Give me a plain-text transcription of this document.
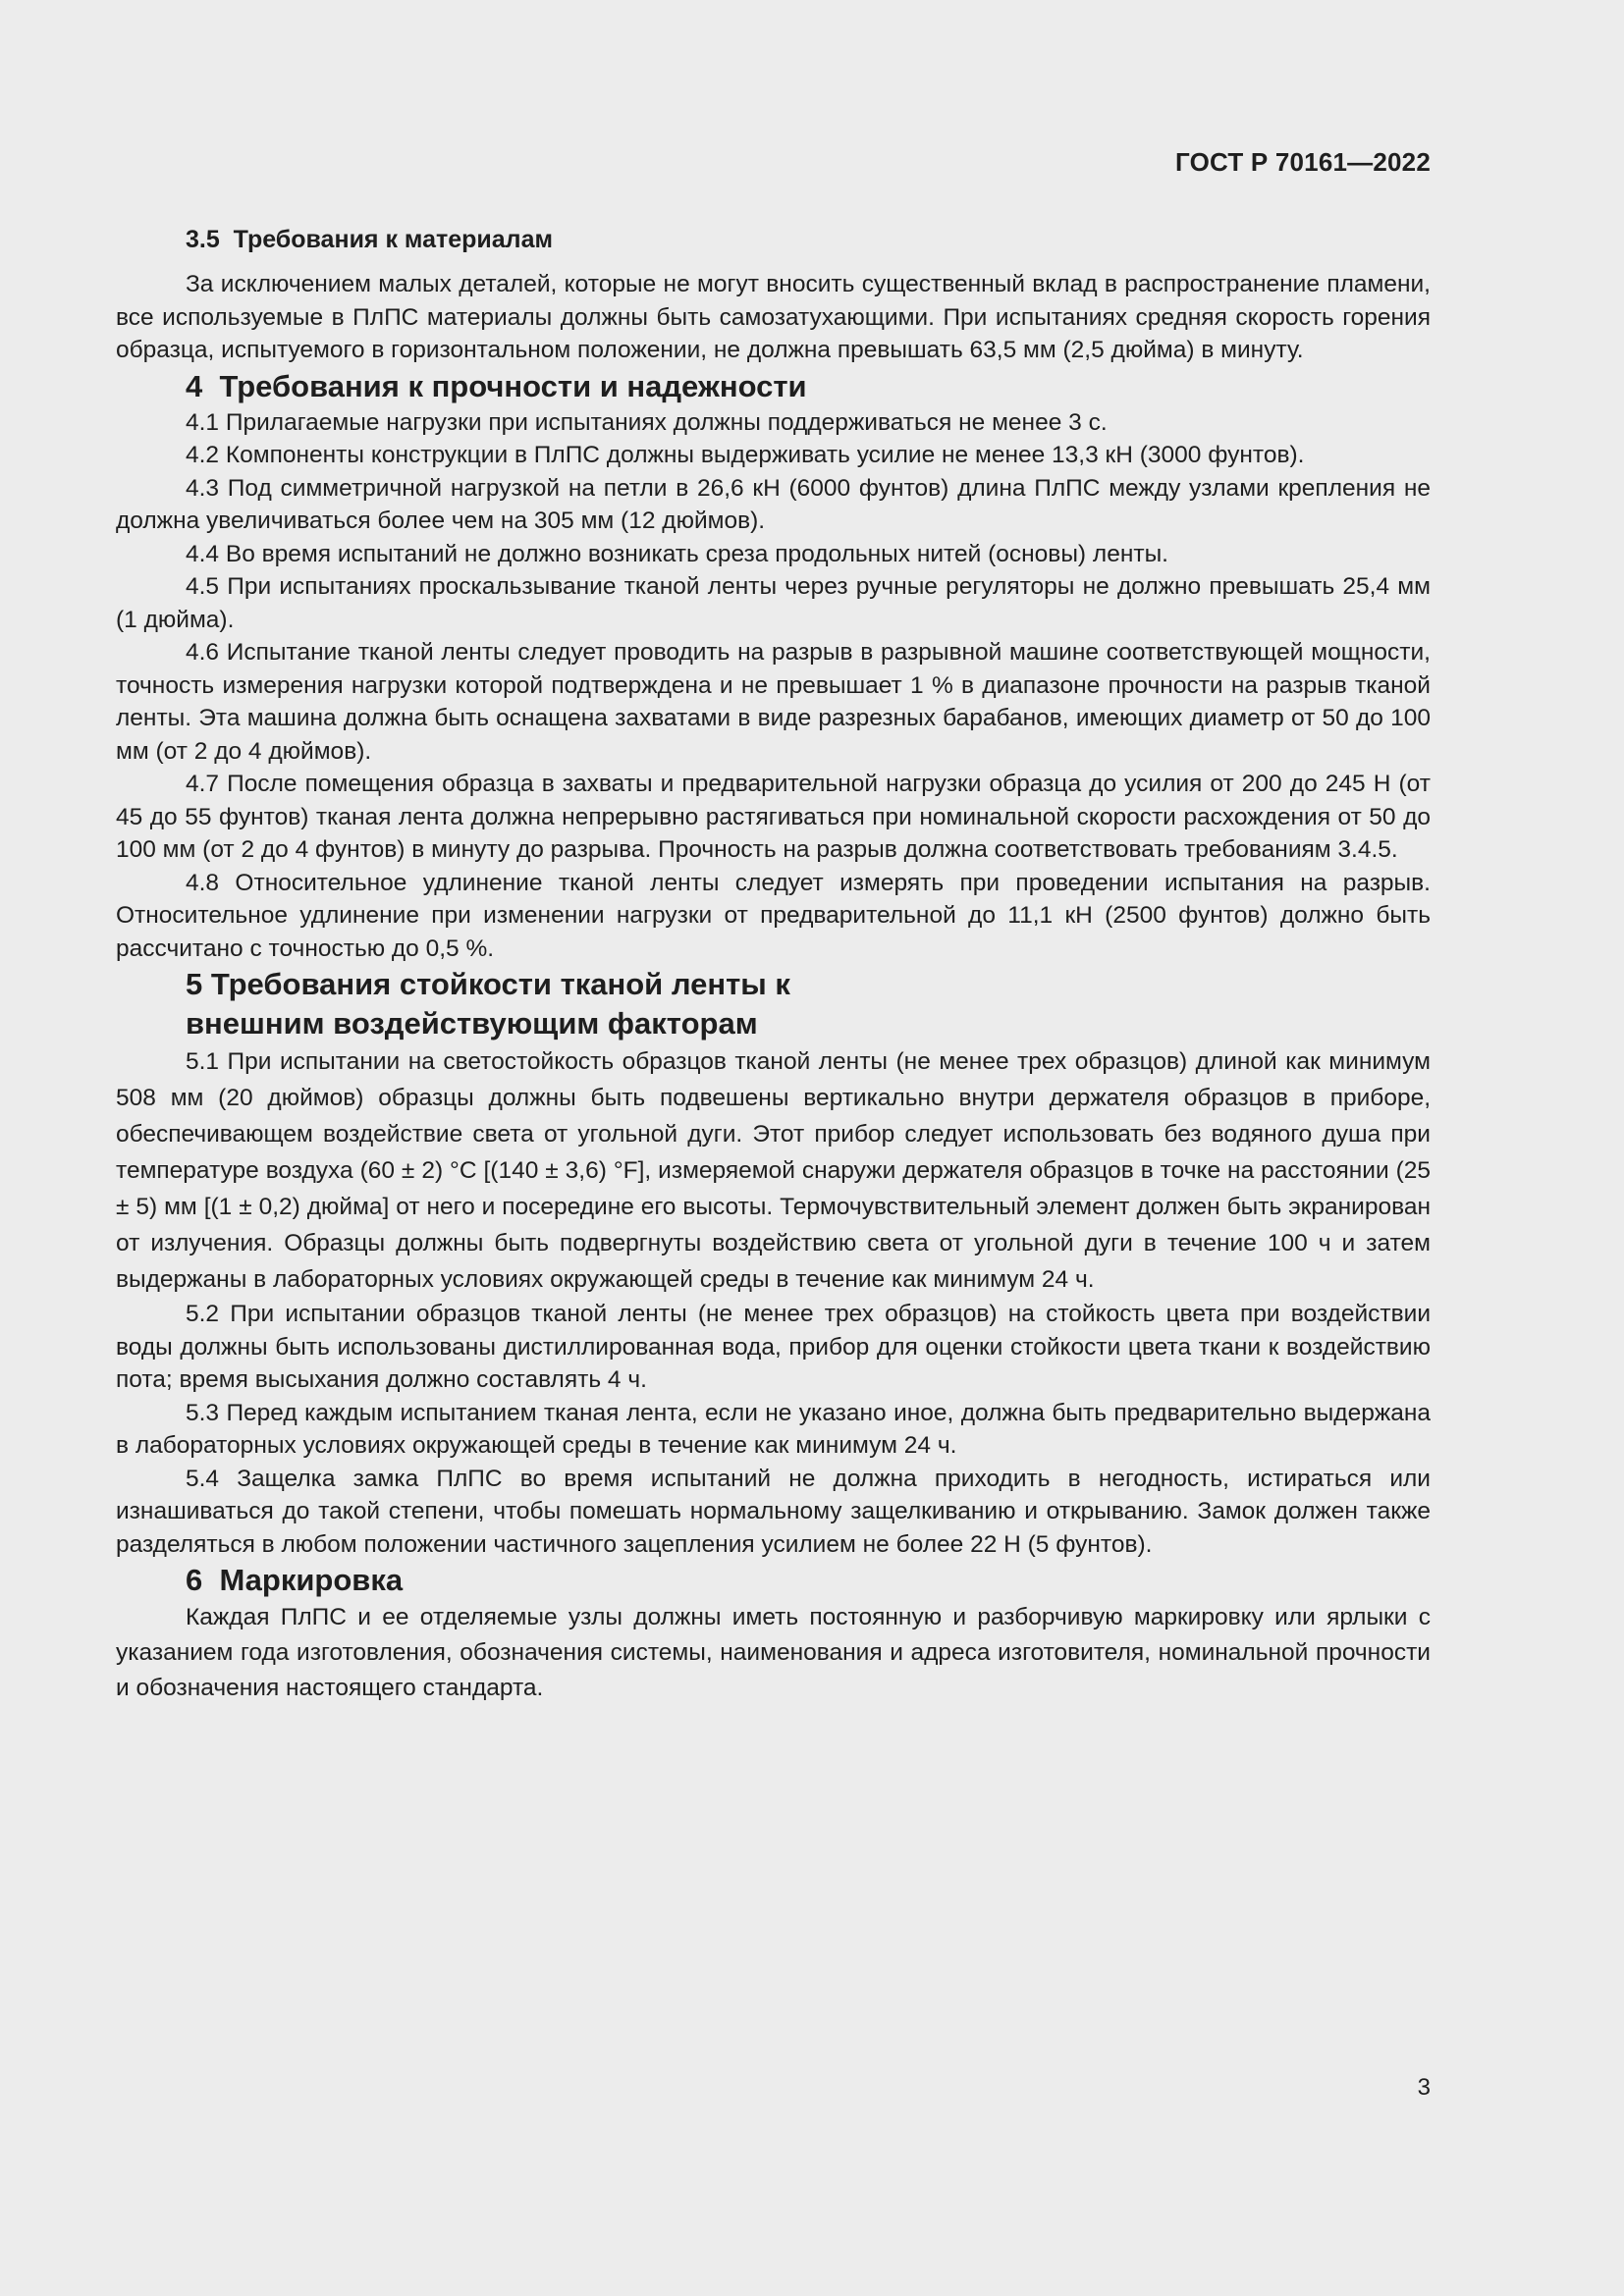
ГОСТ Р 70161—2022
3.5  Требования к материалам

За исключением малых деталей, которые не могут вносить существенный вклад в распространение пламени, все используемые в ПлПС материалы должны быть самозатухающими. При испытаниях средняя скорость горения образца, испытуемого в горизонтальном положении, не должна превышать 63,5 мм (2,5 дюйма) в минуту.

4  Требования к прочности и надежности

4.1 Прилагаемые нагрузки при испытаниях должны поддерживаться не менее 3 с.

4.2 Компоненты конструкции в ПлПС должны выдерживать усилие не менее 13,3 кН (3000 фунтов).

4.3 Под симметричной нагрузкой на петли в 26,6 кН (6000 фунтов) длина ПлПС между узлами крепления не должна увеличиваться более чем на 305 мм (12 дюймов).

4.4 Во время испытаний не должно возникать среза продольных нитей (основы) ленты.

4.5 При испытаниях проскальзывание тканой ленты через ручные регуляторы не должно превышать 25,4 мм (1 дюйма).

4.6 Испытание тканой ленты следует проводить на разрыв в разрывной машине соответствующей мощности, точность измерения нагрузки которой подтверждена и не превышает 1 % в диапазоне прочности на разрыв тканой ленты. Эта машина должна быть оснащена захватами в виде разрезных барабанов, имеющих диаметр от 50 до 100 мм (от 2 до 4 дюймов).

4.7 После помещения образца в захваты и предварительной нагрузки образца до усилия от 200 до 245 Н (от 45 до 55 фунтов) тканая лента должна непрерывно растягиваться при номинальной скорости расхождения от 50 до 100 мм (от 2 до 4 фунтов) в минуту до разрыва. Прочность на разрыв должна соответствовать требованиям 3.4.5.

4.8 Относительное удлинение тканой ленты следует измерять при проведении испытания на разрыв. Относительное удлинение при изменении нагрузки от предварительной до 11,1 кН (2500 фунтов) должно быть рассчитано с точностью до 0,5 %.

5 Требования стойкости тканой ленты к внешним воздействующим факторам

5.1 При испытании на светостойкость образцов тканой ленты (не менее трех образцов) длиной как минимум 508 мм (20 дюймов) образцы должны быть подвешены вертикально внутри держателя образцов в приборе, обеспечивающем воздействие света от угольной дуги. Этот прибор следует использовать без водяного душа при температуре воздуха (60 ± 2) °С [(140 ± 3,6) °F], измеряемой снаружи держателя образцов в точке на расстоянии (25 ± 5) мм [(1 ± 0,2) дюйма] от него и посередине его высоты. Термочувствительный элемент должен быть экранирован от излучения. Образцы должны быть подвергнуты воздействию света от угольной дуги в течение 100 ч и затем выдержаны в лабораторных условиях окружающей среды в течение как минимум 24 ч.

5.2 При испытании образцов тканой ленты (не менее трех образцов) на стойкость цвета при воздействии воды должны быть использованы дистиллированная вода, прибор для оценки стойкости цвета ткани к воздействию пота; время высыхания должно составлять 4 ч.

5.3 Перед каждым испытанием тканая лента, если не указано иное, должна быть предварительно выдержана в лабораторных условиях окружающей среды в течение как минимум 24 ч.

5.4 Защелка замка ПлПС во время испытаний не должна приходить в негодность, истираться или изнашиваться до такой степени, чтобы помешать нормальному защелкиванию и открыванию. Замок должен также разделяться в любом положении частичного зацепления усилием не более 22 Н (5 фунтов).

6  Маркировка

Каждая ПлПС и ее отделяемые узлы должны иметь постоянную и разборчивую маркировку или ярлыки с указанием года изготовления, обозначения системы, наименования и адреса изготовителя, номинальной прочности и обозначения настоящего стандарта.

3
